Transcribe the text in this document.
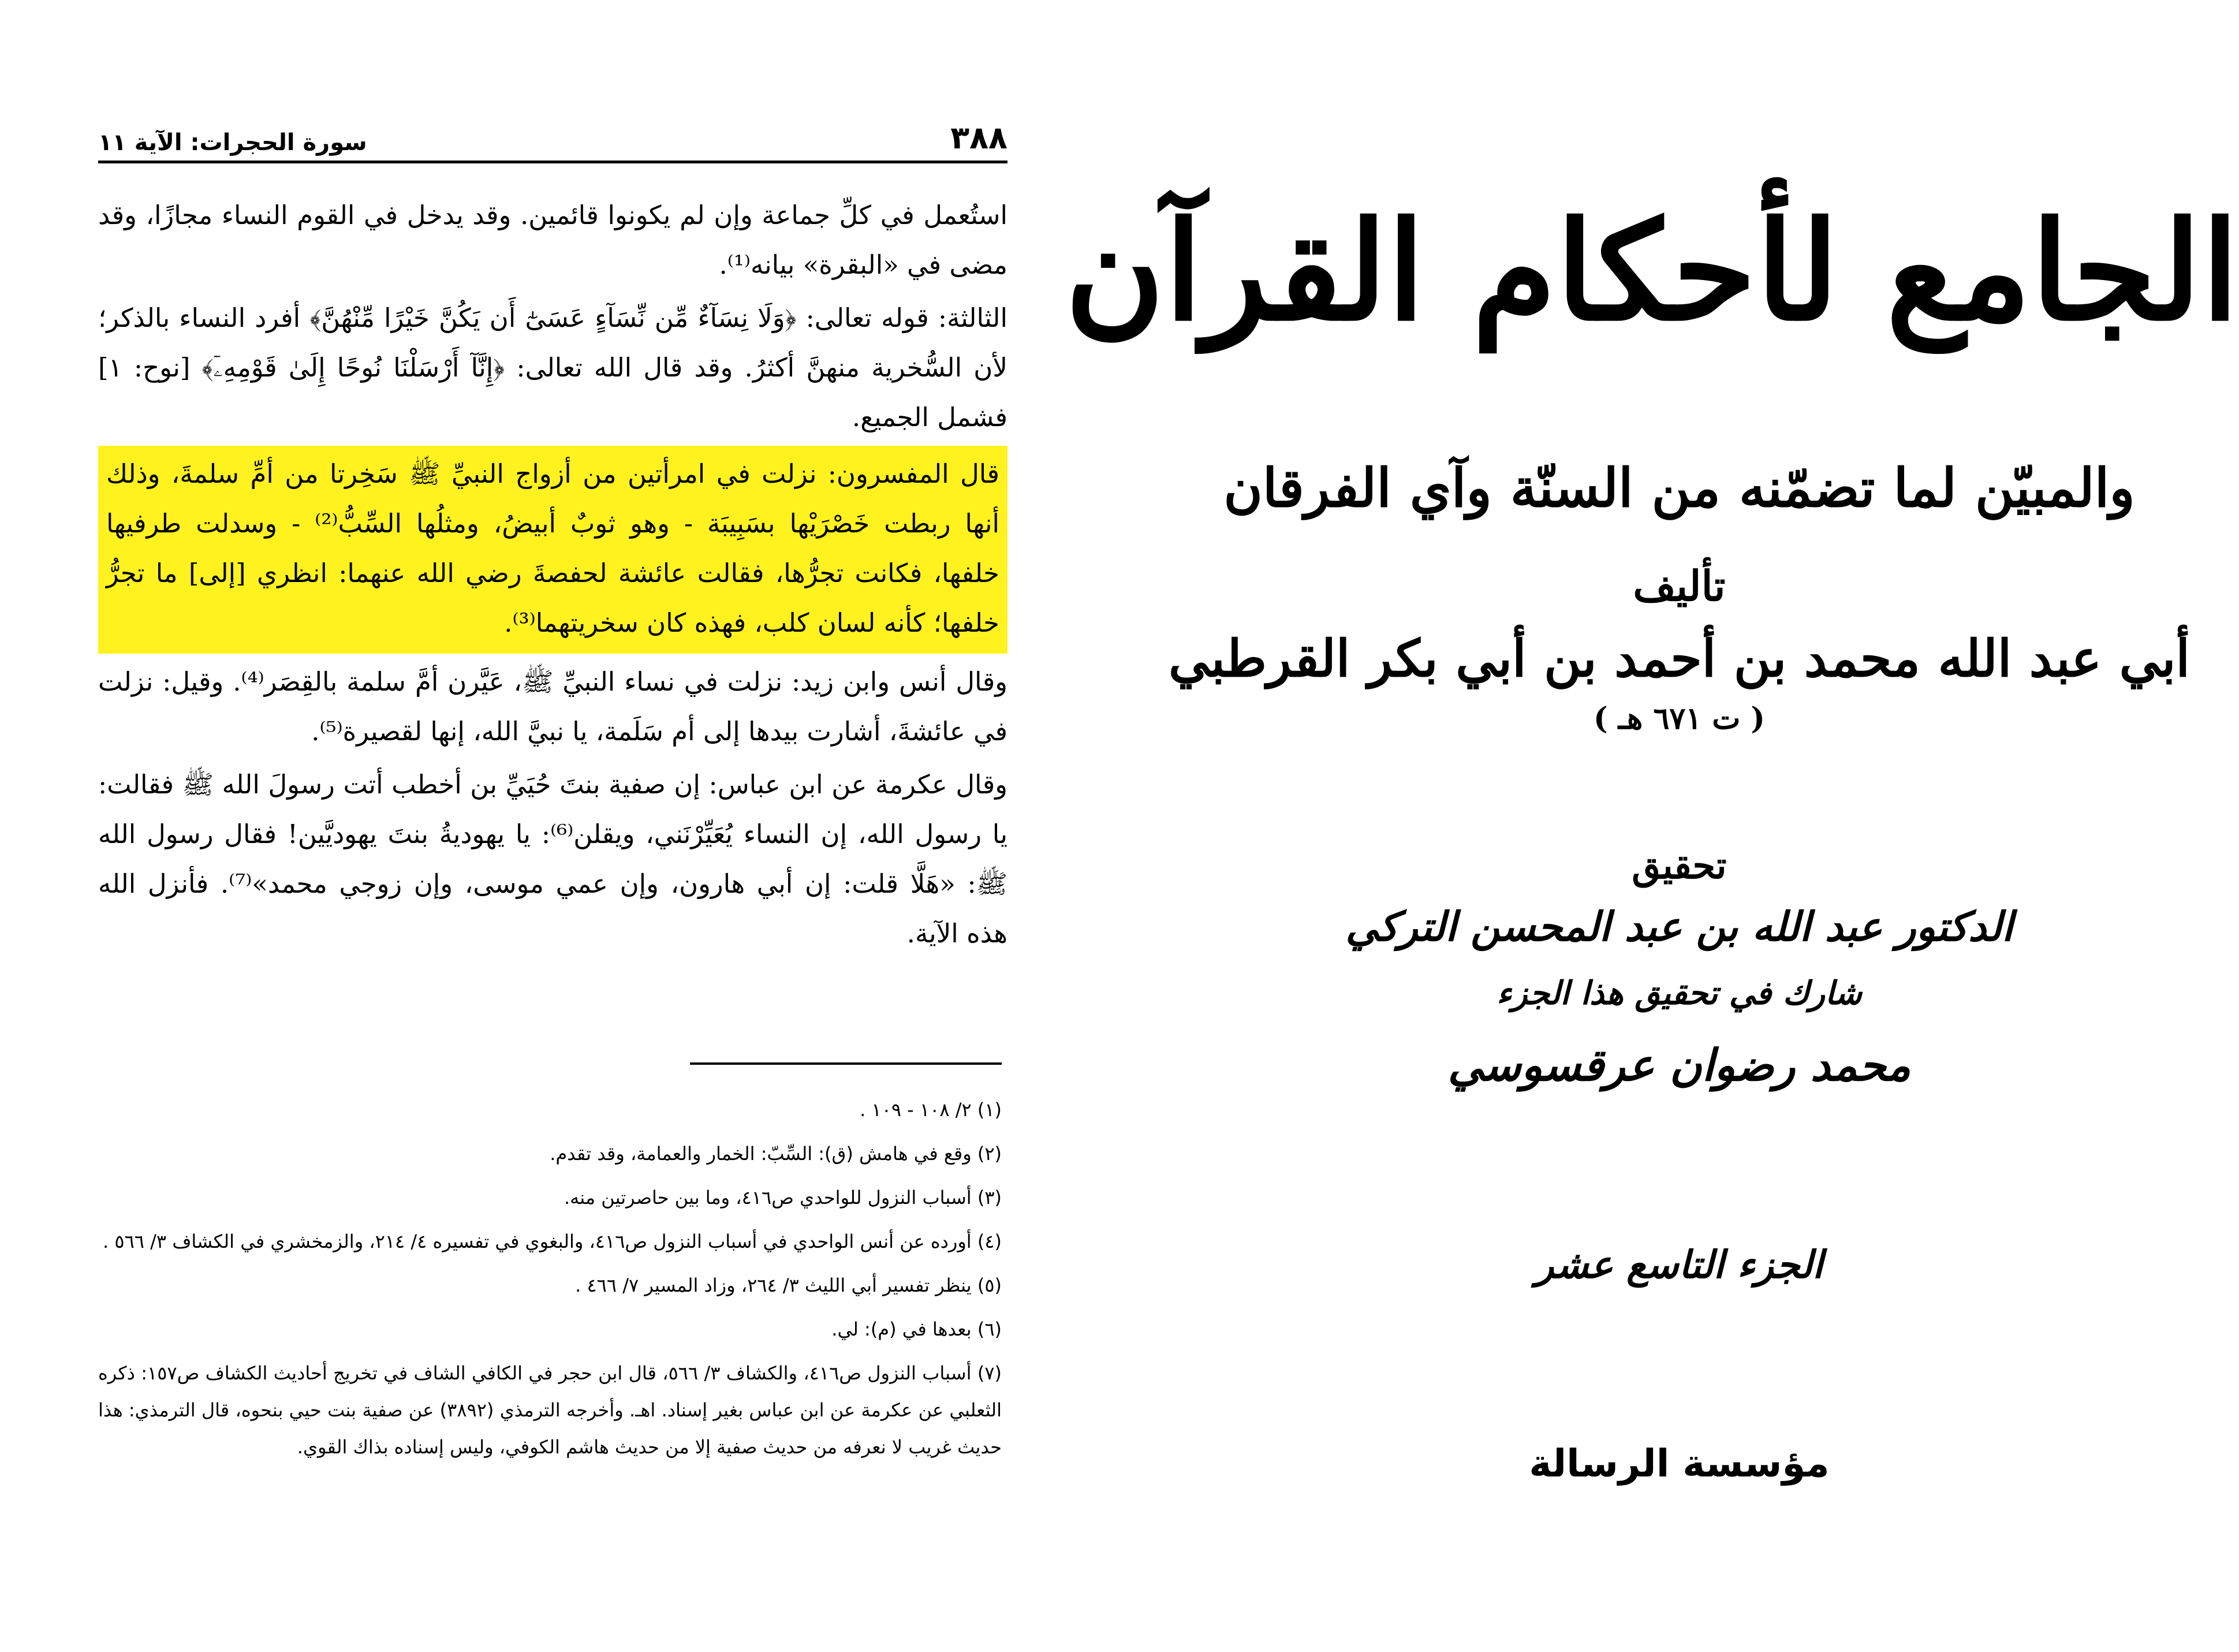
٣٨٨
سورة الحجرات: الآية ١١

استُعمل في كلِّ جماعة وإن لم يكونوا قائمين. وقد يدخل في القوم النساء مجازًا، وقد مضى في «البقرة» بيانه⁽¹⁾.

الثالثة: قوله تعالى: ﴿وَلَا نِسَآءٌ مِّن نِّسَآءٍ عَسَىٰٓ أَن يَكُنَّ خَيْرًا مِّنْهُنَّ﴾ أفرد النساء بالذكر؛ لأن السُّخرية منهنَّ أكثرُ. وقد قال الله تعالى: ﴿إِنَّآ أَرْسَلْنَا نُوحًا إِلَىٰ قَوْمِهِۦٓ﴾ [نوح: ١] فشمل الجميع.

قال المفسرون: نزلت في امرأتين من أزواج النبيِّ ﷺ سَخِرتا من أمِّ سلمةَ، وذلك أنها ربطت خَصْرَيْها بسَبِيبَة - وهو ثوبٌ أبيضُ، ومثلُها السِّبُّ⁽²⁾ - وسدلت طرفيها خلفها، فكانت تجرُّها، فقالت عائشة لحفصةَ رضي الله عنهما: انظري [إلى] ما تجرُّ خلفها؛ كأنه لسان كلب، فهذه كان سخريتهما⁽³⁾.

وقال أنس وابن زيد: نزلت في نساء النبيِّ ﷺ، عَيَّرن أمَّ سلمة بالقِصَر⁽⁴⁾. وقيل: نزلت في عائشةَ، أشارت بيدها إلى أم سَلَمة، يا نبيَّ الله، إنها لقصيرة⁽⁵⁾.

وقال عكرمة عن ابن عباس: إن صفية بنتَ حُيَيِّ بن أخطب أتت رسولَ الله ﷺ فقالت: يا رسول الله، إن النساء يُعَيِّرْنَني، ويقلن⁽⁶⁾: يا يهوديةُ بنتَ يهوديَّين! فقال رسول الله ﷺ: «هَلَّا قلت: إن أبي هارون، وإن عمي موسى، وإن زوجي محمد»⁽⁷⁾. فأنزل الله هذه الآية.

(١) ٢/ ١٠٨ - ١٠٩ .

(٢) وقع في هامش (ق): السِّبّ: الخمار والعمامة، وقد تقدم.

(٣) أسباب النزول للواحدي ص٤١٦، وما بين حاصرتين منه.

(٤) أورده عن أنس الواحدي في أسباب النزول ص٤١٦، والبغوي في تفسيره ٤/ ٢١٤، والزمخشري في الكشاف ٣/ ٥٦٦ .

(٥) ينظر تفسير أبي الليث ٣/ ٢٦٤، وزاد المسير ٧/ ٤٦٦ .

(٦) بعدها في (م): لي.

(٧) أسباب النزول ص٤١٦، والكشاف ٣/ ٥٦٦، قال ابن حجر في الكافي الشاف في تخريج أحاديث الكشاف ص١٥٧: ذكره الثعلبي عن عكرمة عن ابن عباس بغير إسناد. اهـ. وأخرجه الترمذي (٣٨٩٢) عن صفية بنت حيي بنحوه، قال الترمذي: هذا حديث غريب لا نعرفه من حديث صفية إلا من حديث هاشم الكوفي، وليس إسناده بذاك القوي.

الجامع لأحكام القرآن
والمبيّن لما تضمّنه من السنّة وآي الفرقان
تأليف
أبي عبد الله محمد بن أحمد بن أبي بكر القرطبي
( ت ٦٧١ هـ )
تحقيق
الدكتور عبد الله بن عبد المحسن التركي
شارك في تحقيق هذا الجزء
محمد رضوان عرقسوسي
الجزء التاسع عشر
مؤسسة الرسالة
